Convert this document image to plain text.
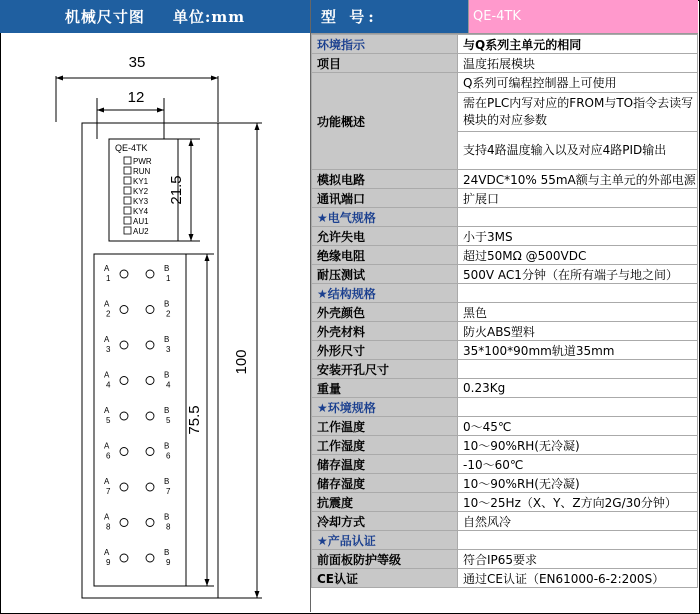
机械尺寸图 单位:mm
35
12
QE-4TK
PWR
RUN
KY1
KY2
KY3
KY4
AU1
AU2
21.5
A
1
B
1
A
2
B
2
A
3
B
3
A
4
B
4
A
5
B
5
A
6
B
6
A
7
B
7
A
8
B
8
A
9
B
9
75.5
100
型 号:	QE-4TK
环境指示	与Q系列主单元的相同
项目	温度拓展模块
功能概述	Q系列可编程控制器上可使用

	需在PLC内写对应的FROM与TO指令去读写模块的对应参数

	支持4路温度输入以及对应4路PID输出

模拟电路	24VDC*10% 55mA额与主单元的外部电源
通讯端口	扩展口
★电气规格	
允许失电	小于3MS
绝缘电阻	超过50MΩ @500VDC
耐压测试	500V AC1分钟（在所有端子与地之间）
★结构规格	
外壳颜色	黑色
外壳材料	防火ABS塑料
外形尺寸	35*100*90mm轨道35mm
安装开孔尺寸	
重量	0.23Kg
★环境规格	
工作温度	0～45℃
工作湿度	10～90%RH(无冷凝)
储存温度	-10～60℃
储存湿度	10～90%RH(无冷凝)
抗震度	10～25Hz（X、Y、Z方向2G/30分钟）
冷却方式	自然风冷
★产品认证	
前面板防护等级	符合IP65要求
CE认证	通过CE认证（EN61000-6-2:200S）
